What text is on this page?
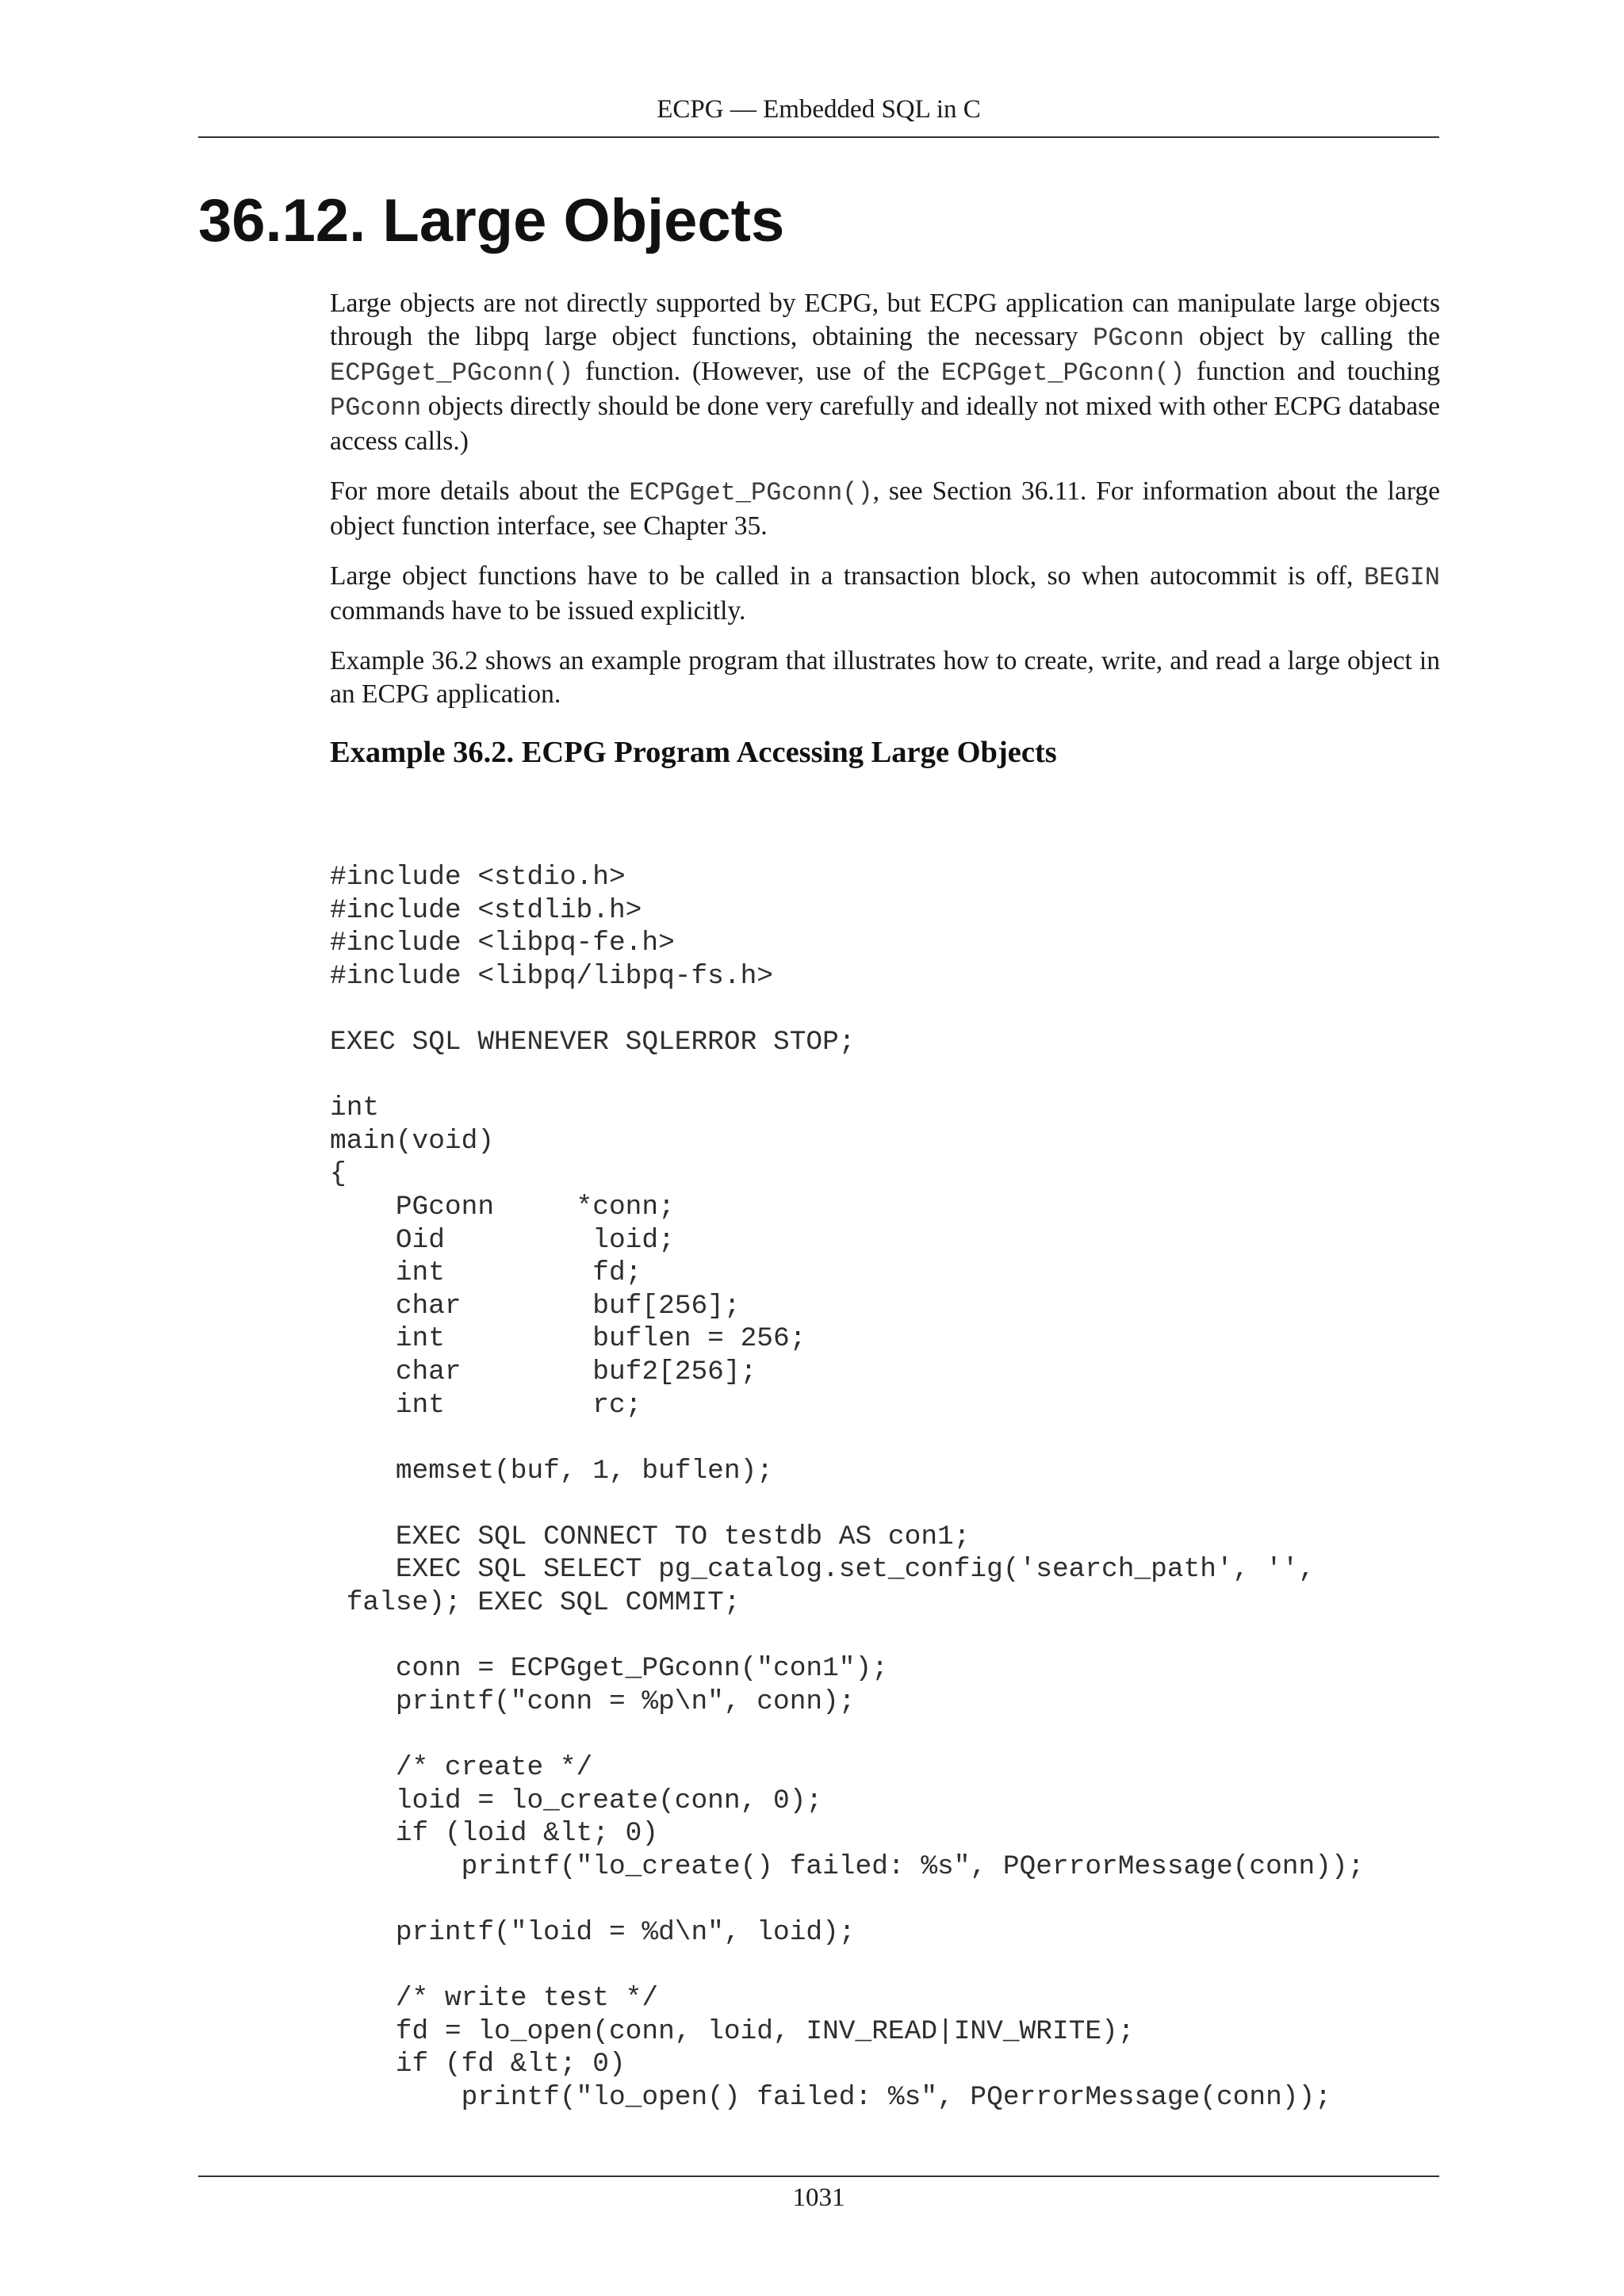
ECPG — Embedded SQL in C
36.12. Large Objects

Large objects are not directly supported by ECPG, but ECPG application can manipulate large objects through the libpq large object functions, obtaining the necessary PGconn object by calling the ECPGget_PGconn() function. (However, use of the ECPGget_PGconn() function and touching PGconn objects directly should be done very carefully and ideally not mixed with other ECPG database access calls.)

For more details about the ECPGget_PGconn(), see Section 36.11. For information about the large object function interface, see Chapter 35.

Large object functions have to be called in a transaction block, so when autocommit is off, BEGIN commands have to be issued explicitly.

Example 36.2 shows an example program that illustrates how to create, write, and read a large object in an ECPG application.

Example 36.2. ECPG Program Accessing Large Objects
#include <stdio.h>
#include <stdlib.h>
#include <libpq-fe.h>
#include <libpq/libpq-fs.h>

EXEC SQL WHENEVER SQLERROR STOP;

int
main(void)
{
PGconn     *conn;
Oid         loid;
int         fd;
char        buf[256];
int         buflen = 256;
char        buf2[256];
int         rc;

memset(buf, 1, buflen);

EXEC SQL CONNECT TO testdb AS con1;
EXEC SQL SELECT pg_catalog.set_config('search_path', '',
false); EXEC SQL COMMIT;

conn = ECPGget_PGconn("con1");
printf("conn = %p\n", conn);

/* create */
loid = lo_create(conn, 0);
if (loid &lt; 0)
printf("lo_create() failed: %s", PQerrorMessage(conn));

printf("loid = %d\n", loid);

/* write test */
fd = lo_open(conn, loid, INV_READ|INV_WRITE);
if (fd &lt; 0)
printf("lo_open() failed: %s", PQerrorMessage(conn));
1031
